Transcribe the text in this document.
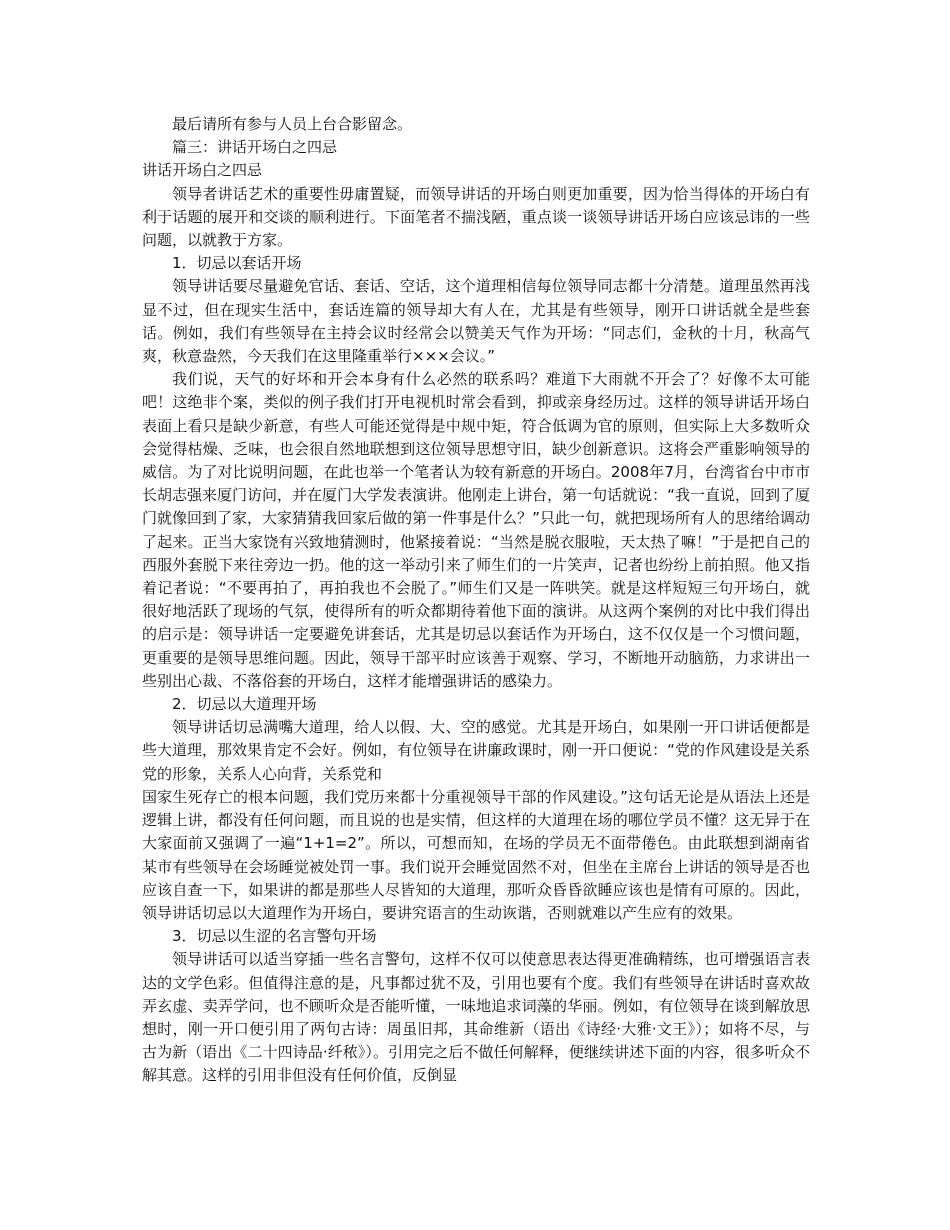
最后请所有参与人员上台合影留念。

篇三：讲话开场白之四忌

讲话开场白之四忌

领导者讲话艺术的重要性毋庸置疑，而领导讲话的开场白则更加重要，因为恰当得体的开场白有利于话题的展开和交谈的顺利进行。下面笔者不揣浅陋，重点谈一谈领导讲话开场白应该忌讳的一些问题，以就教于方家。

1．切忌以套话开场

领导讲话要尽量避免官话、套话、空话，这个道理相信每位领导同志都十分清楚。道理虽然再浅显不过，但在现实生活中，套话连篇的领导却大有人在，尤其是有些领导，刚开口讲话就全是些套话。例如，我们有些领导在主持会议时经常会以赞美天气作为开场：“同志们，金秋的十月，秋高气爽，秋意盎然，今天我们在这里隆重举行×××会议。”

我们说，天气的好坏和开会本身有什么必然的联系吗？难道下大雨就不开会了？好像不太可能吧！这绝非个案，类似的例子我们打开电视机时常会看到，抑或亲身经历过。这样的领导讲话开场白表面上看只是缺少新意，有些人可能还觉得是中规中矩，符合低调为官的原则，但实际上大多数听众会觉得枯燥、乏味，也会很自然地联想到这位领导思想守旧，缺少创新意识。这将会严重影响领导的威信。为了对比说明问题，在此也举一个笔者认为较有新意的开场白。2008年7月，台湾省台中市市长胡志强来厦门访问，并在厦门大学发表演讲。他刚走上讲台，第一句话就说：“我一直说，回到了厦门就像回到了家，大家猜猜我回家后做的第一件事是什么？”只此一句，就把现场所有人的思绪给调动了起来。正当大家饶有兴致地猜测时，他紧接着说：“当然是脱衣服啦，天太热了嘛！”于是把自己的西服外套脱下来往旁边一扔。他的这一举动引来了师生们的一片笑声，记者也纷纷上前拍照。他又指着记者说：“不要再拍了，再拍我也不会脱了。”师生们又是一阵哄笑。就是这样短短三句开场白，就很好地活跃了现场的气氛，使得所有的听众都期待着他下面的演讲。从这两个案例的对比中我们得出的启示是：领导讲话一定要避免讲套话，尤其是切忌以套话作为开场白，这不仅仅是一个习惯问题，更重要的是领导思维问题。因此，领导干部平时应该善于观察、学习，不断地开动脑筋，力求讲出一些别出心裁、不落俗套的开场白，这样才能增强讲话的感染力。

2．切忌以大道理开场

领导讲话切忌满嘴大道理，给人以假、大、空的感觉。尤其是开场白，如果刚一开口讲话便都是些大道理，那效果肯定不会好。例如，有位领导在讲廉政课时，刚一开口便说：“党的作风建设是关系党的形象，关系人心向背，关系党和

国家生死存亡的根本问题，我们党历来都十分重视领导干部的作风建设。”这句话无论是从语法上还是逻辑上讲，都没有任何问题，而且说的也是实情，但这样的大道理在场的哪位学员不懂？这无异于在大家面前又强调了一遍“1+1=2”。所以，可想而知，在场的学员无不面带倦色。由此联想到湖南省某市有些领导在会场睡觉被处罚一事。我们说开会睡觉固然不对，但坐在主席台上讲话的领导是否也应该自查一下，如果讲的都是那些人尽皆知的大道理，那听众昏昏欲睡应该也是情有可原的。因此，领导讲话切忌以大道理作为开场白，要讲究语言的生动诙谐，否则就难以产生应有的效果。

3．切忌以生涩的名言警句开场

领导讲话可以适当穿插一些名言警句，这样不仅可以使意思表达得更准确精练，也可增强语言表达的文学色彩。但值得注意的是，凡事都过犹不及，引用也要有个度。我们有些领导在讲话时喜欢故弄玄虚、卖弄学问，也不顾听众是否能听懂，一味地追求词藻的华丽。例如，有位领导在谈到解放思想时，刚一开口便引用了两句古诗：周虽旧邦，其命维新（语出《诗经·大雅·文王》）；如将不尽，与古为新（语出《二十四诗品·纤秾》）。引用完之后不做任何解释，便继续讲述下面的内容，很多听众不解其意。这样的引用非但没有任何价值，反倒显
